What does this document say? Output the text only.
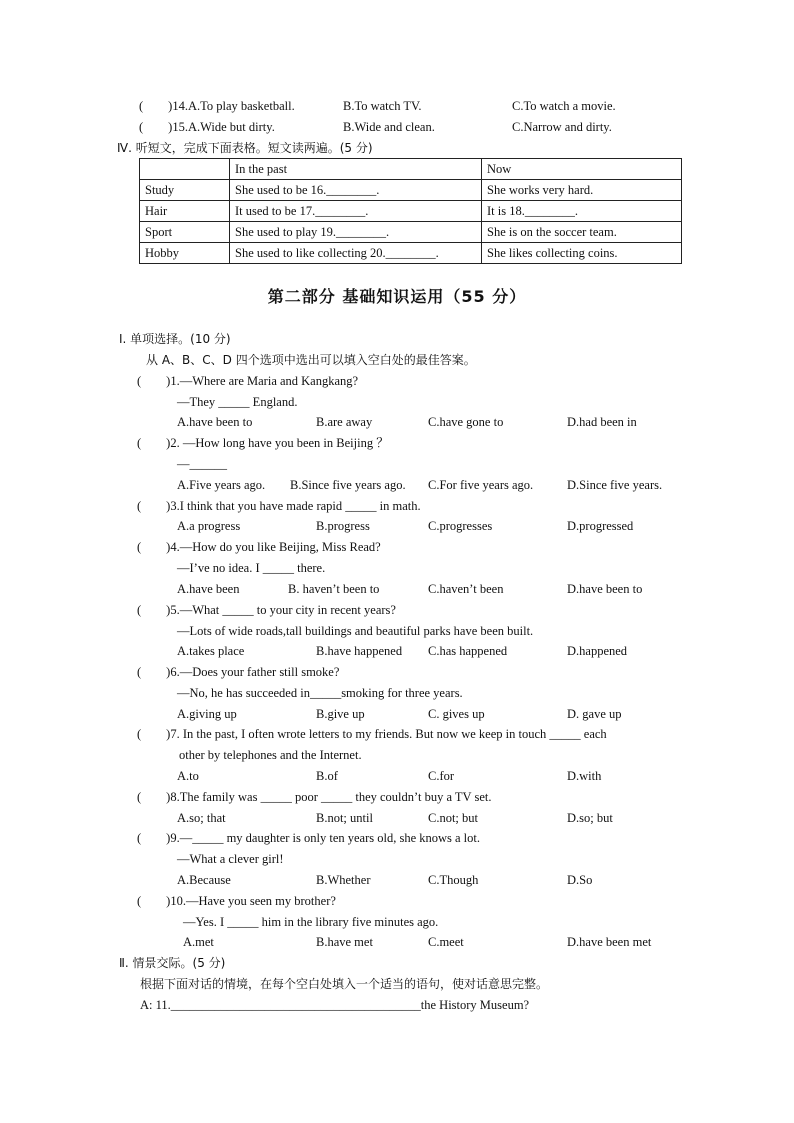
(　　)14.A.To play basketball.	B.To watch TV.	C.To watch a movie.
(　　)15.A.Wide but dirty.	B.Wide and clean.	C.Narrow and dirty.
Ⅳ. 听短文，完成下面表格。短文读两遍。(5 分)
	In the past	Now
Study	She used to be 16.________.	She works very hard.
Hair	It used to be 17.________.	It is 18.________.
Sport	She used to play 19.________.	She is on the soccer team.
Hobby	She used to like collecting 20.________.	She likes collecting coins.
第二部分 基础知识运用（55 分）
Ⅰ. 单项选择。(10 分)
从 A、B、C、D 四个选项中选出可以填入空白处的最佳答案。
(　　)1.—Where are Maria and Kangkang?
—They _____ England.
A.have been to	B.are away	C.have gone to	D.had been in
(　　)2. —How long have you been in Beijing ？
—______
A.Five years ago. B.Since five years ago. C.For five years ago.	D.Since five years.
(　　)3.I think that you have made rapid _____ in math.
A.a progress	B.progress	C.progresses	D.progressed
(　　)4.—How do you like Beijing, Miss Read?
—I’ve no idea. I _____ there.
A.have been	B. haven’t been to	C.haven’t been	D.have been to
(　　)5.—What _____ to your city in recent years?
—Lots of wide roads,tall buildings and beautiful parks have been built.
A.takes place	B.have happened C.has happened	D.happened
(　　)6.—Does your father still smoke?
—No, he has succeeded in_____smoking for three years.
A.giving up	B.give up	C. gives up	D. gave up
(　　)7. In the past, I often wrote letters to my friends. But now we keep in touch _____ each
other by telephones and the Internet.
A.to	B.of	C.for	D.with
(　　)8.The family was _____ poor _____ they couldn’t buy a TV set.
A.so; that	B.not; until	C.not; but	D.so; but
(　　)9.—_____ my daughter is only ten years old, she knows a lot.
—What a clever girl!
A.Because	B.Whether	C.Though	D.So
(　　)10.—Have you seen my brother?
—Yes. I _____ him in the library five minutes ago.
A.met	B.have met	C.meet	D.have been met
Ⅱ. 情景交际。(5 分)
根据下面对话的情境，在每个空白处填入一个适当的语句，使对话意思完整。
A: 11.________________________________________the History Museum?
